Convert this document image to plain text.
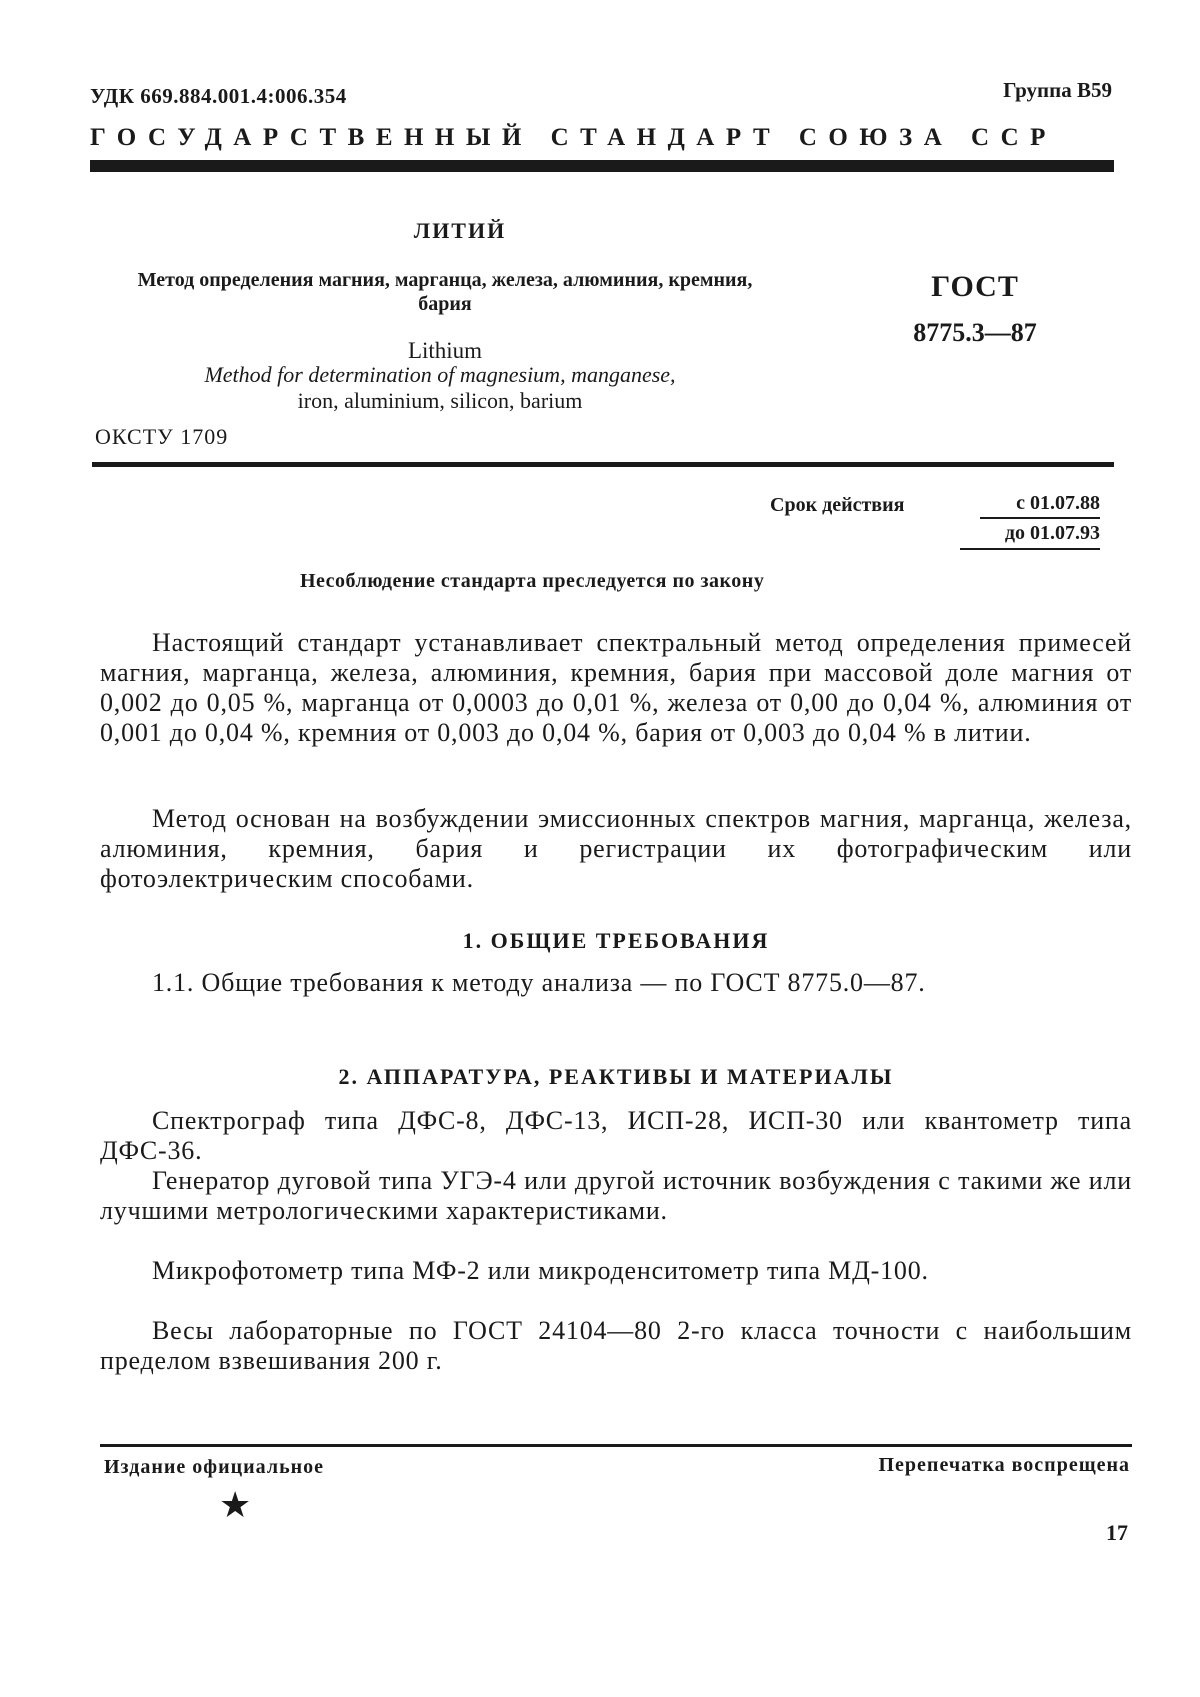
УДК 669.884.001.4:006.354	Группа В59
ГОСУДАРСТВЕННЫЙ СТАНДАРТ СОЮЗА ССР
ЛИТИЙ
Метод определения магния, марганца, железа, алюминия, кремния, бария
Lithium
Method for determination of magnesium, manganese,
iron, aluminium, silicon, barium
ГОСТ
8775.3—87
ОКСТУ 1709
Срок действия	с 01.07.88
до 01.07.93
Несоблюдение стандарта преследуется по закону

Настоящий стандарт устанавливает спектральный метод определения примесей магния, марганца, железа, алюминия, кремния, бария при массовой доле магния от 0,002 до 0,05 %, марганца от 0,0003 до 0,01 %, железа от 0,00 до 0,04 %, алюминия от 0,001 до 0,04 %, кремния от 0,003 до 0,04 %, бария от 0,003 до 0,04 % в литии.

Метод основан на возбуждении эмиссионных спектров магния, марганца, железа, алюминия, кремния, бария и регистрации их фотографическим или фотоэлектрическим способами.

1. ОБЩИЕ ТРЕБОВАНИЯ

1.1. Общие требования к методу анализа — по ГОСТ 8775.0—87.

2. АППАРАТУРА, РЕАКТИВЫ И МАТЕРИАЛЫ

Спектрограф типа ДФС-8, ДФС-13, ИСП-28, ИСП-30 или квантометр типа ДФС-36.

Генератор дуговой типа УГЭ-4 или другой источник возбуждения с такими же или лучшими метрологическими характеристиками.

Микрофотометр типа МФ-2 или микроденситометр типа МД-100.

Весы лабораторные по ГОСТ 24104—80 2-го класса точности с наибольшим пределом взвешивания 200 г.

Издание официальное	Перепечатка воспрещена
★
17
